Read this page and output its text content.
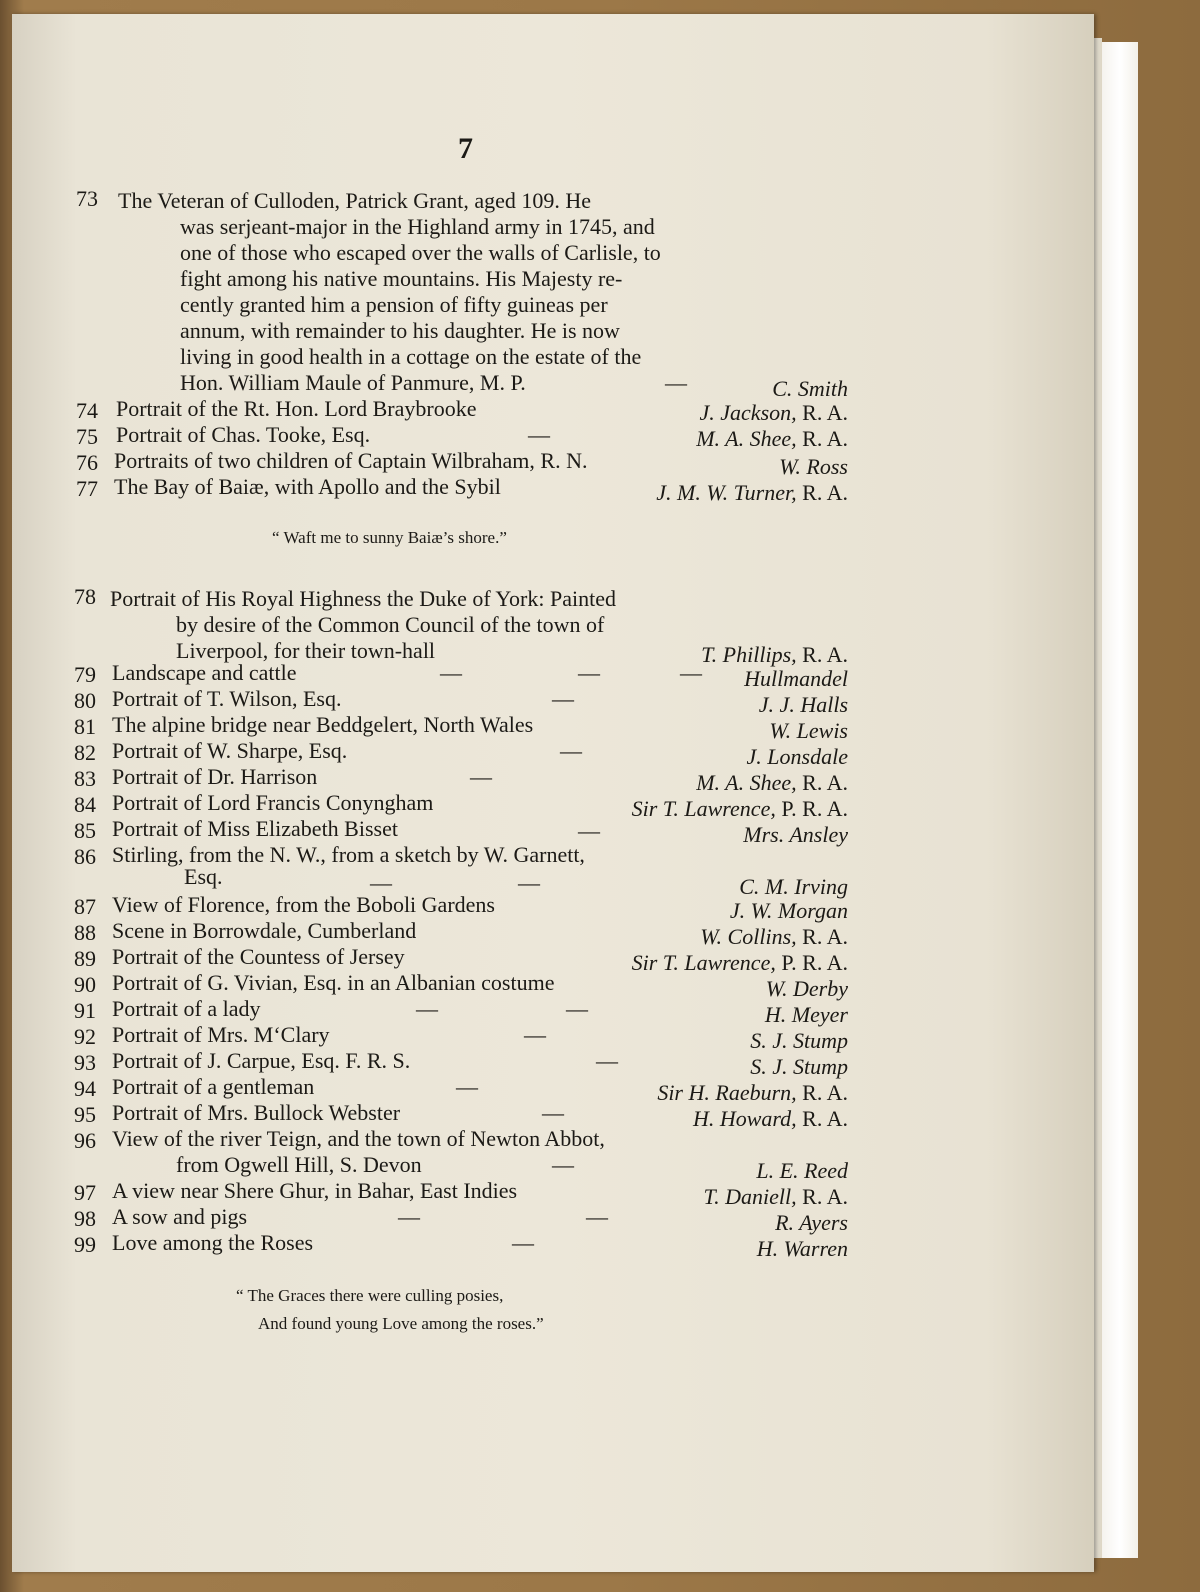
7
73 The Veteran of Culloden, Patrick Grant, aged 109. He
was serjeant-major in the Highland army in 1745, and
one of those who escaped over the walls of Carlisle, to
fight among his native mountains. His Majesty re-
cently granted him a pension of fifty guineas per
annum, with remainder to his daughter. He is now
living in good health in a cottage on the estate of the
Hon. William Maule of Panmure, M. P.	—	C. Smith
74 Portrait of the Rt. Hon. Lord Braybrooke	J. Jackson, R. A.
75 Portrait of Chas. Tooke, Esq.	—	M. A. Shee, R. A.
76 Portraits of two children of Captain Wilbraham, R. N.	W. Ross
77 The Bay of Baiæ, with Apollo and the Sybil	J. M. W. Turner, R. A.
“ Waft me to sunny Baiæ’s shore.”
78 Portrait of His Royal Highness the Duke of York: Painted
by desire of the Common Council of the town of
Liverpool, for their town-hall	T. Phillips, R. A.
79 Landscape and cattle	—	—	— Hullmandel
80 Portrait of T. Wilson, Esq.	—	J. J. Halls
81 The alpine bridge near Beddgelert, North Wales	W. Lewis
82 Portrait of W. Sharpe, Esq.	—	J. Lonsdale
83 Portrait of Dr. Harrison	—	M. A. Shee, R. A.
84 Portrait of Lord Francis Conyngham	Sir T. Lawrence, P. R. A.
85 Portrait of Miss Elizabeth Bisset	—	Mrs. Ansley
86 Stirling, from the N. W., from a sketch by W. Garnett,
Esq.	—	—	C. M. Irving
87 View of Florence, from the Boboli Gardens	J. W. Morgan
88 Scene in Borrowdale, Cumberland	W. Collins, R. A.
89 Portrait of the Countess of Jersey	Sir T. Lawrence, P. R. A.
90 Portrait of G. Vivian, Esq. in an Albanian costume	W. Derby
91 Portrait of a lady	—	—	H. Meyer
92 Portrait of Mrs. M‘Clary	—	S. J. Stump
93 Portrait of J. Carpue, Esq. F. R. S.	—	S. J. Stump
94 Portrait of a gentleman	—	Sir H. Raeburn, R. A.
95 Portrait of Mrs. Bullock Webster	—	H. Howard, R. A.
96 View of the river Teign, and the town of Newton Abbot,
from Ogwell Hill, S. Devon	—	L. E. Reed
97 A view near Shere Ghur, in Bahar, East Indies	T. Daniell, R. A.
98 A sow and pigs	—	—	R. Ayers
99 Love among the Roses	—	H. Warren
“ The Graces there were culling posies,
And found young Love among the roses.”
